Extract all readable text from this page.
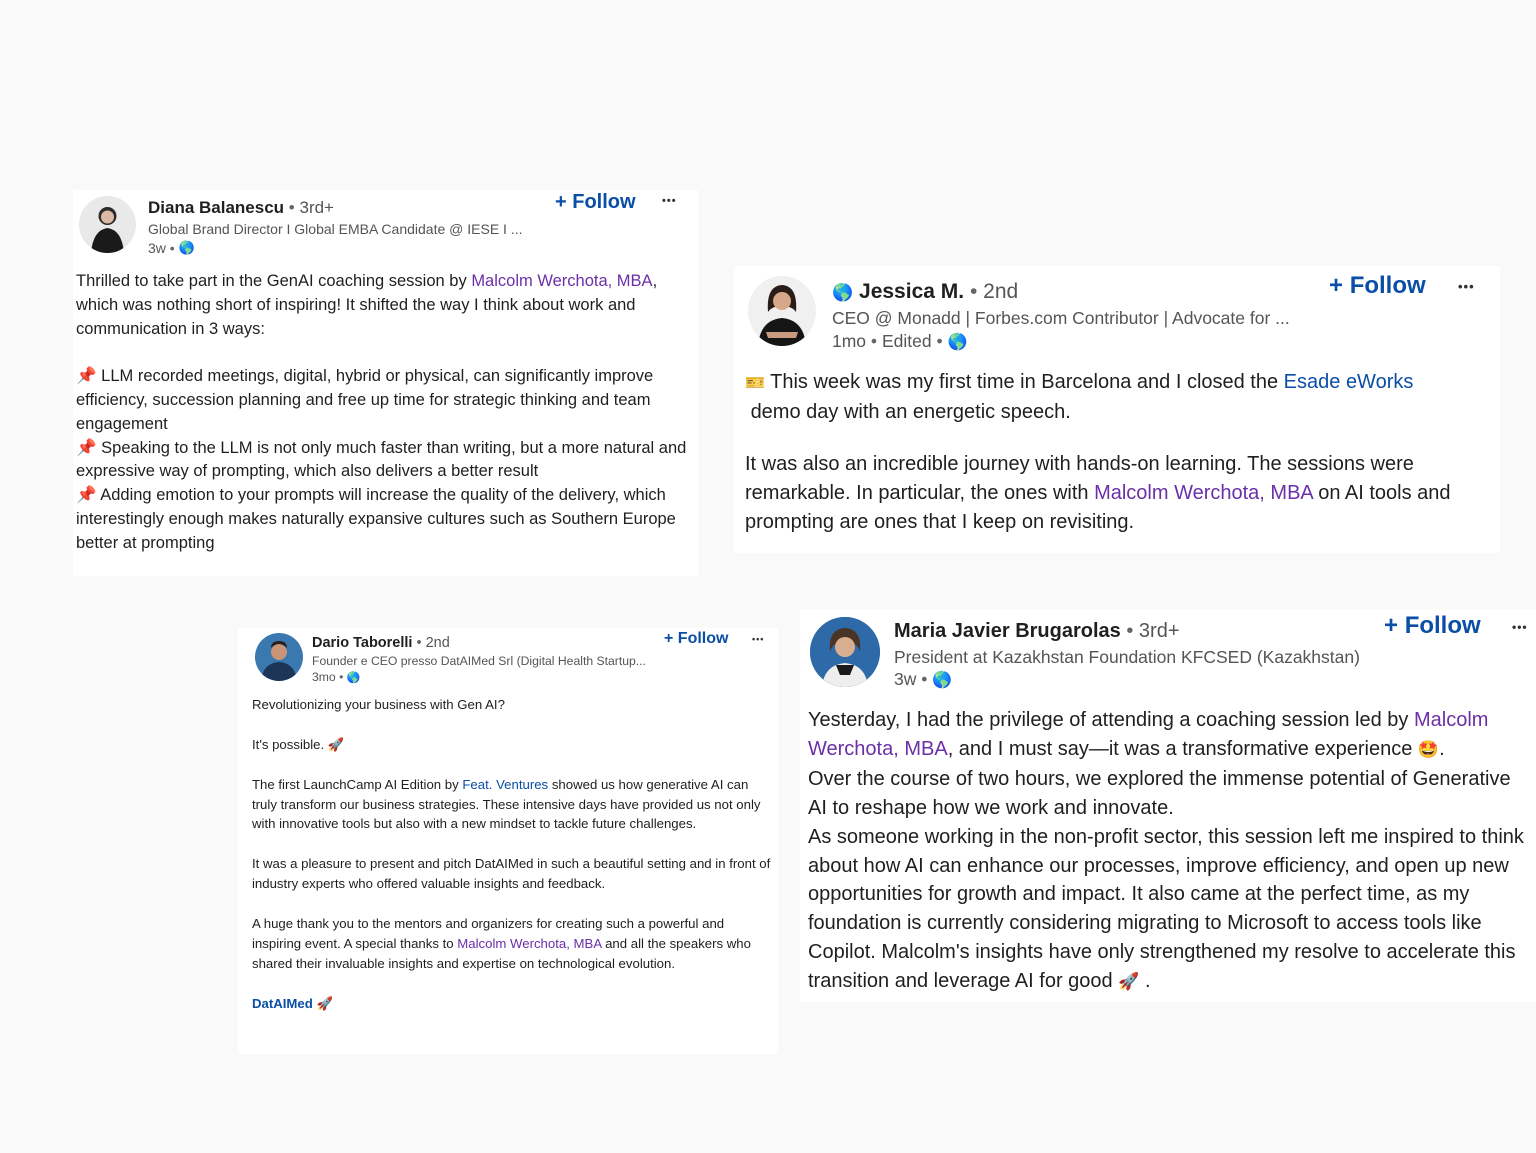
Diana Balanescu • 3rd+
Global Brand Director I Global EMBA Candidate @ IESE I ...
3w
•
🌎
+ Follow •••

Thrilled to take part in the GenAI coaching session by Malcolm Werchota, MBA, which was nothing short of inspiring! It shifted the way I think about work and communication in 3 ways:

📌 LLM recorded meetings, digital, hybrid or physical, can significantly improve efficiency, succession planning and free up time for strategic thinking and team engagement

📌 Speaking to the LLM is not only much faster than writing, but a more natural and expressive way of prompting, which also delivers a better result

📌 Adding emotion to your prompts will increase the quality of the delivery, which interestingly enough makes naturally expansive cultures such as Southern Europe better at prompting

🌎 Jessica M. • 2nd
CEO @ Monadd | Forbes.com Contributor | Advocate for ...
1mo
•
Edited
•
🌎
+ Follow •••

🎫 This week was my first time in Barcelona and I closed the Esade eWorks
demo day with an energetic speech.

It was also an incredible journey with hands-on learning. The sessions were remarkable. In particular, the ones with Malcolm Werchota, MBA on AI tools and prompting are ones that I keep on revisiting.

Dario Taborelli • 2nd
Founder e CEO presso DatAIMed Srl (Digital Health Startup...
3mo
•
🌎
+ Follow	•••

Revolutionizing your business with Gen AI?

It's possible. 🚀

The first LaunchCamp AI Edition by Feat. Ventures showed us how generative AI can truly transform our business strategies. These intensive days have provided us not only with innovative tools but also with a new mindset to tackle future challenges.

It was a pleasure to present and pitch DatAIMed in such a beautiful setting and in front of industry experts who offered valuable insights and feedback.

A huge thank you to the mentors and organizers for creating such a powerful and inspiring event. A special thanks to Malcolm Werchota, MBA and all the speakers who shared their invaluable insights and expertise on technological evolution.

DatAIMed 🚀

Maria Javier Brugarolas • 3rd+
President at Kazakhstan Foundation KFCSED (Kazakhstan)
3w
•
🌎
+ Follow	•••

Yesterday, I had the privilege of attending a coaching session led by Malcolm Werchota, MBA, and I must say—it was a transformative experience 🤩.

Over the course of two hours, we explored the immense potential of Generative AI to reshape how we work and innovate.

As someone working in the non-profit sector, this session left me inspired to think about how AI can enhance our processes, improve efficiency, and open up new opportunities for growth and impact. It also came at the perfect time, as my foundation is currently considering migrating to Microsoft to access tools like Copilot. Malcolm's insights have only strengthened my resolve to accelerate this transition and leverage AI for good 🚀 .
